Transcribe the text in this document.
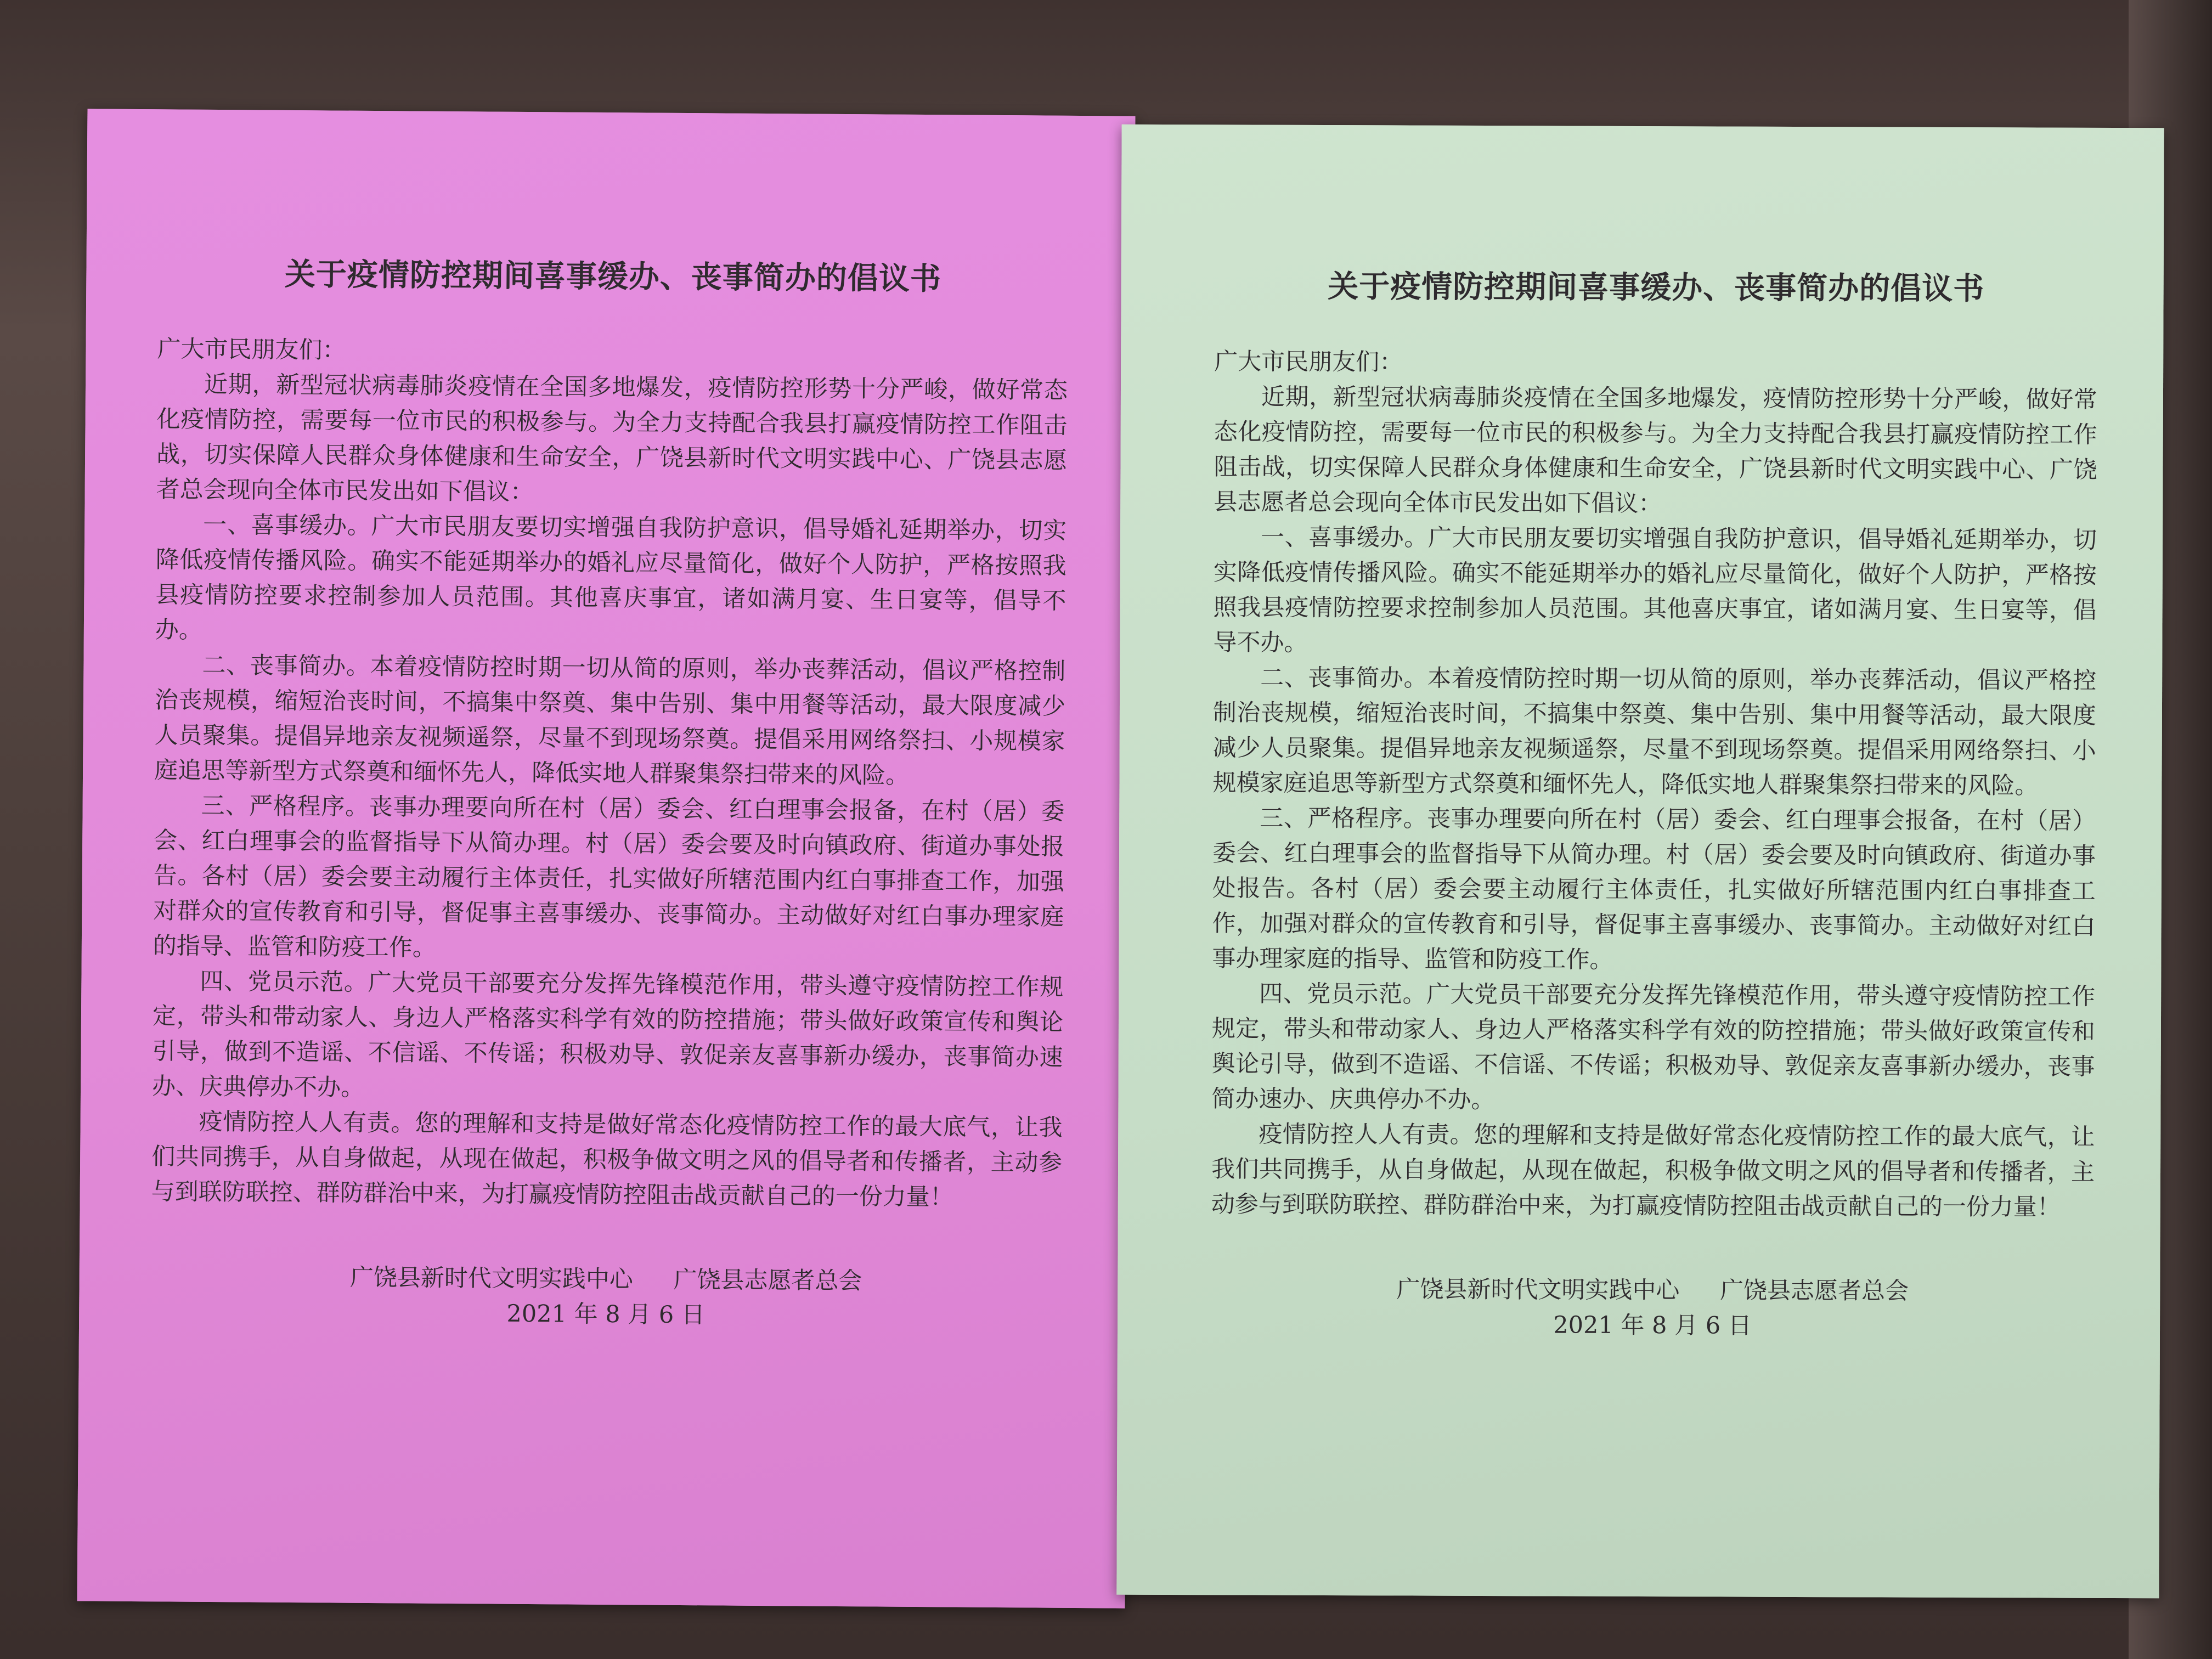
关于疫情防控期间喜事缓办、丧事简办的倡议书

广大市民朋友们：

近期，新型冠状病毒肺炎疫情在全国多地爆发，疫情防控形势十分严峻，做好常态化疫情防控，需要每一位市民的积极参与。为全力支持配合我县打赢疫情防控工作阻击战，切实保障人民群众身体健康和生命安全，广饶县新时代文明实践中心、广饶县志愿者总会现向全体市民发出如下倡议：

一、喜事缓办。广大市民朋友要切实增强自我防护意识，倡导婚礼延期举办，切实降低疫情传播风险。确实不能延期举办的婚礼应尽量简化，做好个人防护，严格按照我县疫情防控要求控制参加人员范围。其他喜庆事宜，诸如满月宴、生日宴等，倡导不办。

二、丧事简办。本着疫情防控时期一切从简的原则，举办丧葬活动，倡议严格控制治丧规模，缩短治丧时间，不搞集中祭奠、集中告别、集中用餐等活动，最大限度减少人员聚集。提倡异地亲友视频遥祭，尽量不到现场祭奠。提倡采用网络祭扫、小规模家庭追思等新型方式祭奠和缅怀先人，降低实地人群聚集祭扫带来的风险。

三、严格程序。丧事办理要向所在村（居）委会、红白理事会报备，在村（居）委会、红白理事会的监督指导下从简办理。村（居）委会要及时向镇政府、街道办事处报告。各村（居）委会要主动履行主体责任，扎实做好所辖范围内红白事排查工作，加强对群众的宣传教育和引导，督促事主喜事缓办、丧事简办。主动做好对红白事办理家庭的指导、监管和防疫工作。

四、党员示范。广大党员干部要充分发挥先锋模范作用，带头遵守疫情防控工作规定，带头和带动家人、身边人严格落实科学有效的防控措施；带头做好政策宣传和舆论引导，做到不造谣、不信谣、不传谣；积极劝导、敦促亲友喜事新办缓办，丧事简办速办、庆典停办不办。

疫情防控人人有责。您的理解和支持是做好常态化疫情防控工作的最大底气，让我们共同携手，从自身做起，从现在做起，积极争做文明之风的倡导者和传播者，主动参与到联防联控、群防群治中来，为打赢疫情防控阻击战贡献自己的一份力量！

广饶县新时代文明实践中心 广饶县志愿者总会
2021 年 8 月 6 日
关于疫情防控期间喜事缓办、丧事简办的倡议书

广大市民朋友们：

近期，新型冠状病毒肺炎疫情在全国多地爆发，疫情防控形势十分严峻，做好常态化疫情防控，需要每一位市民的积极参与。为全力支持配合我县打赢疫情防控工作阻击战，切实保障人民群众身体健康和生命安全，广饶县新时代文明实践中心、广饶县志愿者总会现向全体市民发出如下倡议：

一、喜事缓办。广大市民朋友要切实增强自我防护意识，倡导婚礼延期举办，切实降低疫情传播风险。确实不能延期举办的婚礼应尽量简化，做好个人防护，严格按照我县疫情防控要求控制参加人员范围。其他喜庆事宜，诸如满月宴、生日宴等，倡导不办。

二、丧事简办。本着疫情防控时期一切从简的原则，举办丧葬活动，倡议严格控制治丧规模，缩短治丧时间，不搞集中祭奠、集中告别、集中用餐等活动，最大限度减少人员聚集。提倡异地亲友视频遥祭，尽量不到现场祭奠。提倡采用网络祭扫、小规模家庭追思等新型方式祭奠和缅怀先人，降低实地人群聚集祭扫带来的风险。

三、严格程序。丧事办理要向所在村（居）委会、红白理事会报备，在村（居）委会、红白理事会的监督指导下从简办理。村（居）委会要及时向镇政府、街道办事处报告。各村（居）委会要主动履行主体责任，扎实做好所辖范围内红白事排查工作，加强对群众的宣传教育和引导，督促事主喜事缓办、丧事简办。主动做好对红白事办理家庭的指导、监管和防疫工作。

四、党员示范。广大党员干部要充分发挥先锋模范作用，带头遵守疫情防控工作规定，带头和带动家人、身边人严格落实科学有效的防控措施；带头做好政策宣传和舆论引导，做到不造谣、不信谣、不传谣；积极劝导、敦促亲友喜事新办缓办，丧事简办速办、庆典停办不办。

疫情防控人人有责。您的理解和支持是做好常态化疫情防控工作的最大底气，让我们共同携手，从自身做起，从现在做起，积极争做文明之风的倡导者和传播者，主动参与到联防联控、群防群治中来，为打赢疫情防控阻击战贡献自己的一份力量！

广饶县新时代文明实践中心 广饶县志愿者总会
2021 年 8 月 6 日
